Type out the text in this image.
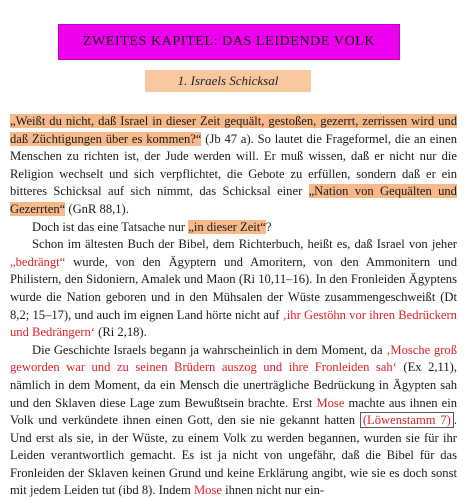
ZWEITES KAPITEL: DAS LEIDENDE VOLK
1. Israels Schicksal

„Weißt du nicht, daß Israel in dieser Zeit gequält, gestoßen, gezerrt, zerrissen wird und daß Züchtigungen über es kommen?“ (Jb 47 a). So lautet die Frageformel, die an einen Menschen zu richten ist, der Jude werden will. Er muß wissen, daß er nicht nur die Religion wechselt und sich verpflichtet, die Gebote zu erfüllen, sondern daß er ein bitteres Schicksal auf sich nimmt, das Schicksal einer „Nation von Gequälten und Gezerrten“ (GnR 88,1).

Doch ist das eine Tatsache nur „in dieser Zeit“?

Schon im ältesten Buch der Bibel, dem Richterbuch, heißt es, daß Israel von jeher „bedrängt“ wurde, von den Ägyptern und Amoritern, von den Ammonitern und Philistern, den Sidoniern, Amalek und Maon (Ri 10,11–16). In den Fronleiden Ägyptens wurde die Nation geboren und in den Mühsalen der Wüste zusammengeschweißt (Dt 8,2; 15–17), und auch im eignen Land hörte nicht auf ‚ihr Gestöhn vor ihren Bedrückern und Bedrängern‘ (Ri 2,18).

Die Geschichte Israels begann ja wahrscheinlich in dem Moment, da ‚Mosche groß geworden war und zu seinen Brüdern auszog und ihre Fronleiden sah‘ (Ex 2,11), nämlich in dem Moment, da ein Mensch die unerträgliche Bedrückung in Ägypten sah und den Sklaven diese Lage zum Bewußtsein brachte. Erst Mose machte aus ihnen ein Volk und verkündete ihnen einen Gott, den sie nie gekannt hatten (Löwenstamm 7) . Und erst als sie, in der Wüste, zu einem Volk zu werden begannen, wurden sie für ihr Leiden verantwortlich gemacht. Es ist ja nicht von ungefähr, daß die Bibel für das Fronleiden der Sklaven keinen Grund und keine Erklärung angibt, wie sie es doch sonst mit jedem Leiden tut (ibd 8). Indem Mose ihnen nicht nur ein-
